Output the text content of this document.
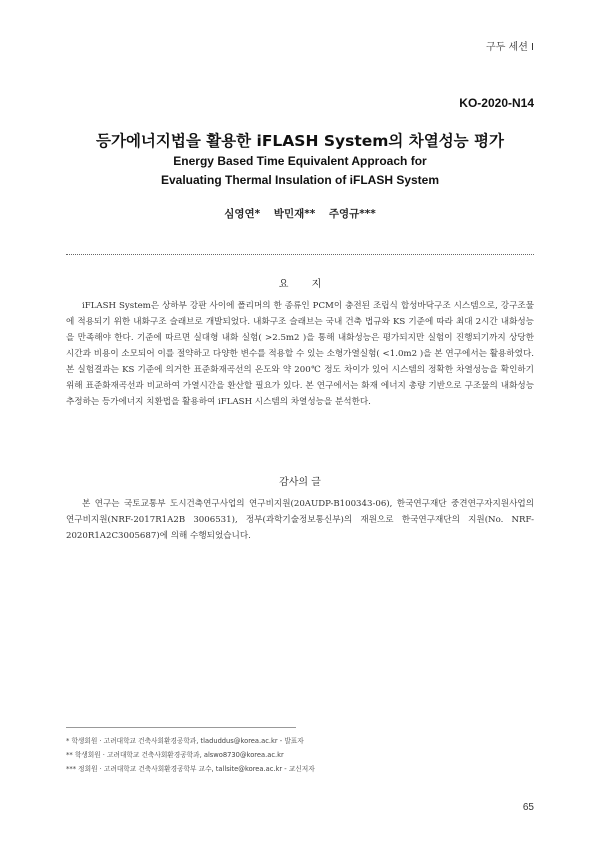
구두 세션 Ⅰ
KO-2020-N14
등가에너지법을 활용한 iFLASH System의 차열성능 평가
Energy Based Time Equivalent Approach for
Evaluating Thermal Insulation of iFLASH System
심영연* 박민재** 주영규***
요 지

iFLASH System은 상하부 강판 사이에 폴리머의 한 종류인 PCM이 충전된 조립식 합성바닥구조 시스템으로, 강구조물에 적용되기 위한 내화구조 슬래브로 개발되었다. 내화구조 슬래브는 국내 건축 법규와 KS 기준에 따라 최대 2시간 내화성능을 만족해야 한다. 기준에 따르면 실대형 내화 실험( >2.5m2 )을 통해 내화성능은 평가되지만 실험이 진행되기까지 상당한 시간과 비용이 소모되어 이를 절약하고 다양한 변수를 적용할 수 있는 소형가열실험( <1.0m2 )을 본 연구에서는 활용하였다. 본 실험결과는 KS 기준에 의거한 표준화재곡선의 온도와 약 200℃ 정도 차이가 있어 시스템의 정확한 차열성능을 확인하기 위해 표준화재곡선과 비교하여 가열시간을 환산할 필요가 있다. 본 연구에서는 화재 에너지 총량 기반으로 구조물의 내화성능 추정하는 등가에너지 치환법을 활용하여 iFLASH 시스템의 차열성능을 분석한다.

감사의 글

본 연구는 국토교통부 도시건축연구사업의 연구비지원(20AUDP-B100343-06), 한국연구재단 중견연구자지원사업의 연구비지원(NRF-2017R1A2B 3006531), 정부(과학기술정보통신부)의 재원으로 한국연구재단의 지원(No. NRF-2020R1A2C3005687)에 의해 수행되었습니다.

* 학생회원 · 고려대학교 건축사회환경공학과, tladuddus@korea.ac.kr - 발표자
** 학생회원 · 고려대학교 건축사회환경공학과, alswo8730@korea.ac.kr
*** 정회원 · 고려대학교 건축사회환경공학부 교수, tallsite@korea.ac.kr - 교신저자
65
